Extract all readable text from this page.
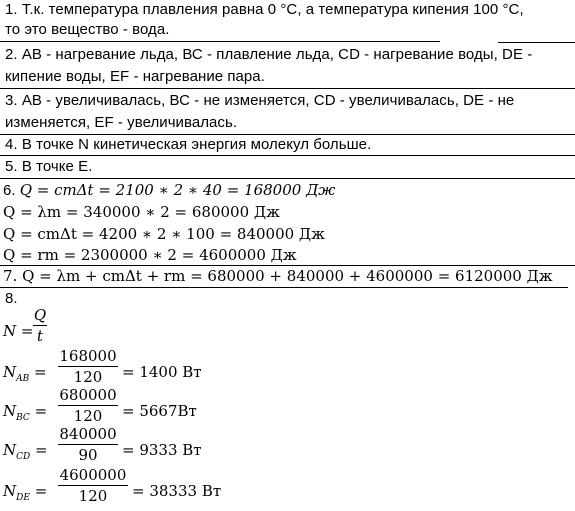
1. Т.к. температура плавления равна 0 °С, а температура кипения 100 °С,
то это вещество - вода.
2. АВ - нагревание льда, ВС - плавление льда, CD - нагревание воды, DE -
кипение воды, EF - нагревание пара.
3. АВ - увеличивалась, ВС - не изменяется, CD - увеличивалась, DE - не
изменяется, EF - увеличивалась.
4. В точке N кинетическая энергия молекул больше.
5. В точке Е.
6. Q = cmΔt = 2100 ∗ 2 ∗ 40 = 168000 Дж
Q = λm = 340000 ∗ 2 = 680000 Дж
Q = cmΔt = 4200 ∗ 2 ∗ 100 = 840000 Дж
Q = rm = 2300000 ∗ 2 = 4600000 Дж
7. Q = λm + cmΔt + rm = 680000 + 840000 + 4600000 = 6120000 Дж
8.
N =
Q
t
$N_{AB}$ =
168000
120	= 1400 Вт
$N_{BC}$ =
680000
120	= 5667Вт
$N_{CD}$ =
840000
90	= 9333 Вт
$N_{DE}$ =
4600000
120	= 38333 Вт
